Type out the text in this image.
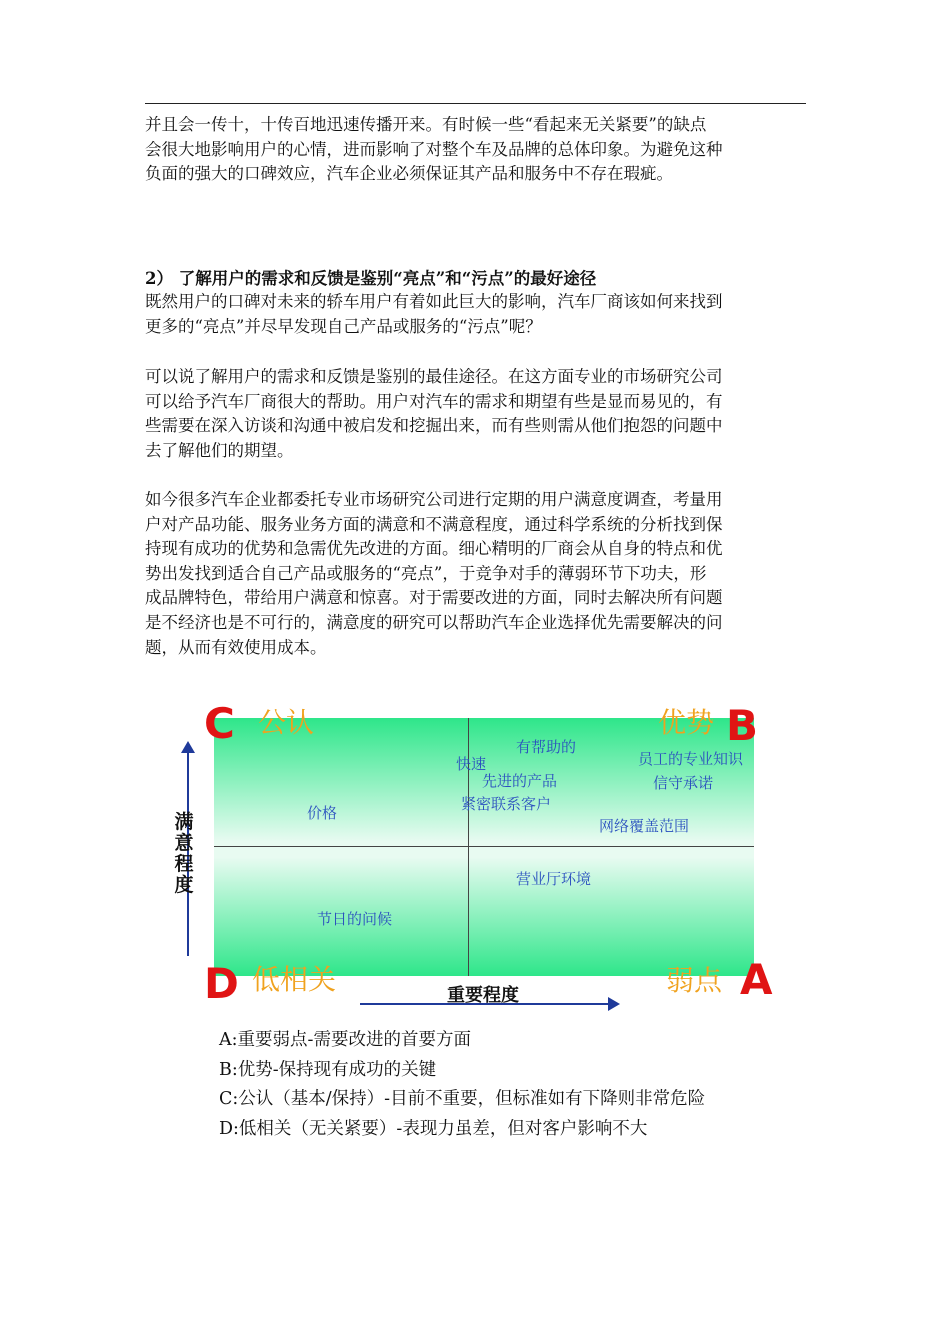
并且会一传十，十传百地迅速传播开来。有时候一些“看起来无关紧要”的缺点
会很大地影响用户的心情，进而影响了对整个车及品牌的总体印象。为避免这种
负面的强大的口碑效应，汽车企业必须保证其产品和服务中不存在瑕疵。

2） 了解用户的需求和反馈是鉴别“亮点”和“污点”的最好途径

既然用户的口碑对未来的轿车用户有着如此巨大的影响，汽车厂商该如何来找到
更多的“亮点”并尽早发现自己产品或服务的“污点”呢？

可以说了解用户的需求和反馈是鉴别的最佳途径。在这方面专业的市场研究公司
可以给予汽车厂商很大的帮助。用户对汽车的需求和期望有些是显而易见的，有
些需要在深入访谈和沟通中被启发和挖掘出来，而有些则需从他们抱怨的问题中
去了解他们的期望。

如今很多汽车企业都委托专业市场研究公司进行定期的用户满意度调查，考量用
户对产品功能、服务业务方面的满意和不满意程度，通过科学系统的分析找到保
持现有成功的优势和急需优先改进的方面。细心精明的厂商会从自身的特点和优
势出发找到适合自己产品或服务的“亮点”，于竞争对手的薄弱环节下功夫，形
成品牌特色，带给用户满意和惊喜。对于需要改进的方面，同时去解决所有问题
是不经济也是不可行的，满意度的研究可以帮助汽车企业选择优先需要解决的问
题，从而有效使用成本。

C 公认	B
优势
D 低相关	A
弱点
价格
快速
有帮助的
先进的产品
紧密联系客户
员工的专业知识
信守承诺
网络覆盖范围
营业厅环境
节日的问候
满意程度
重要程度
A:重要弱点-需要改进的首要方面
B:优势-保持现有成功的关键
C:公认（基本/保持）-目前不重要，但标准如有下降则非常危险
D:低相关（无关紧要）-表现力虽差，但对客户影响不大
